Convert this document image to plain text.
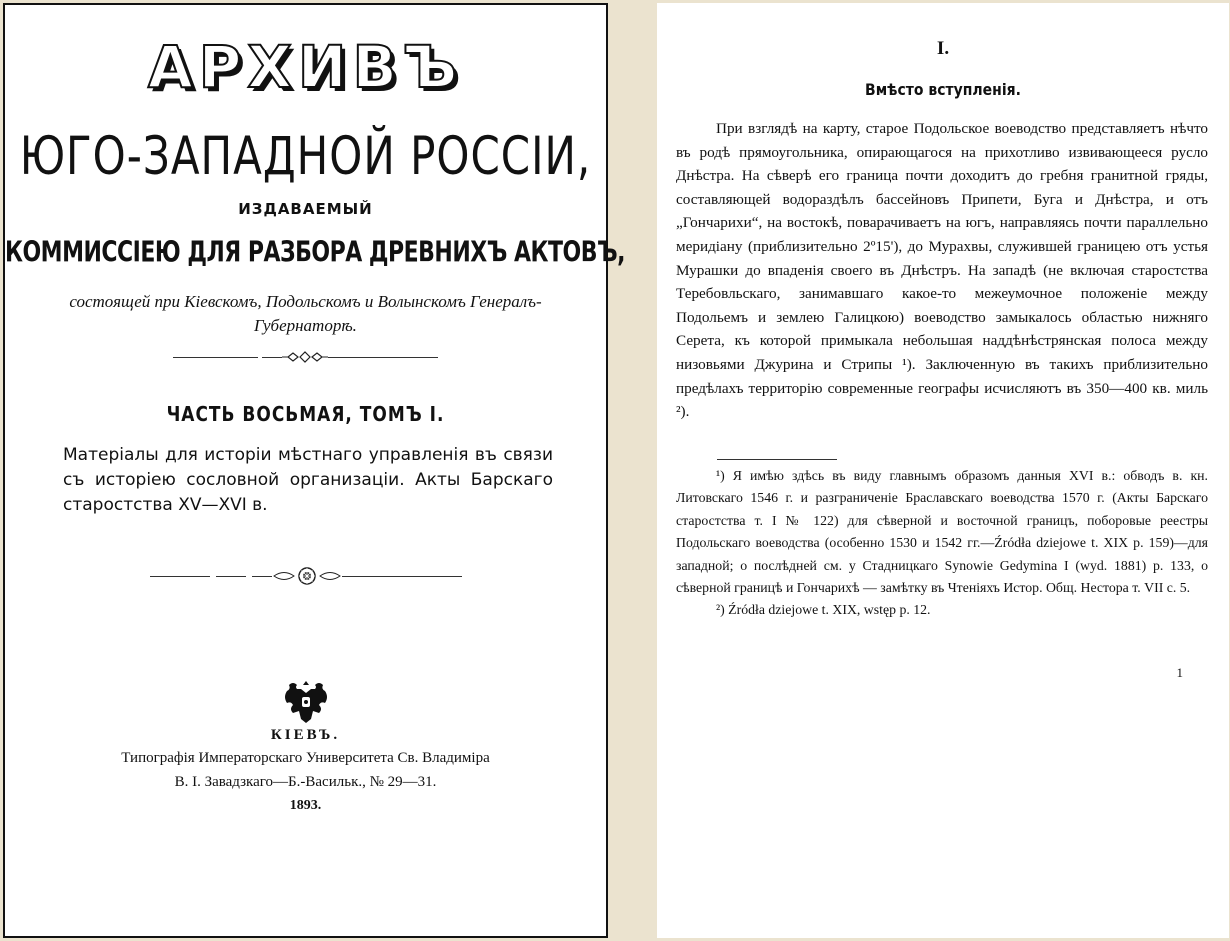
АРХИВЪ
ЮГО-ЗАПАДНОЙ РОССIИ,
ИЗДАВАЕМЫЙ
КОММИССIЕЮ ДЛЯ РАЗБОРА ДРЕВНИХЪ АКТОВЪ,
состоящей при Кiевскомъ, Подольскомъ и Волынскомъ Генералъ-
Губернаторѣ.
ЧАСТЬ ВОСЬМАЯ, ТОМЪ I.
Матерiалы для исторiи мѣстнаго управленiя въ связи съ исторiею сословной организацiи. Акты Барскаго старостства XV—XVI в.
КIЕВЪ.
Типографiя Императорскаго Университета Св. Владимiра
В. I. Завадзкаго—Б.-Васильк., № 29—31.
1893.
I.
Вмѣсто вступленiя.

При взглядѣ на карту, старое Подольское воеводство представляетъ нѣчто въ родѣ прямоугольника, опирающагося на прихотливо извивающееся русло Днѣстра. На сѣверѣ его граница почти доходитъ до гребня гранитной гряды, составляющей водораздѣлъ бассейновъ Припети, Буга и Днѣстра, и отъ „Гончарихи“, на востокѣ, поварачиваетъ на югъ, направляясь почти параллельно меридiану (приблизительно 2º15'), до Мурахвы, служившей границею отъ устья Мурашки до впаденiя своего въ Днѣстръ. На западѣ (не включая старостства Теребовльскаго, занимавшаго какое-то межеумочное положенiе между Подольемъ и землею Галицкою) воеводство замыкалось областью нижняго Серета, къ которой примыкала небольшая наддѣнѣстрянская полоса между низовьями Джурина и Стрипы ¹). Заключенную въ такихъ приблизительно предѣлахъ территорiю современные географы исчисляютъ въ 350—400 кв. миль ²).

¹) Я имѣю здѣсь въ виду главнымъ образомъ данныя XVI в.: обводъ в. кн. Литовскаго 1546 г. и разграниченiе Браславскаго воеводства 1570 г. (Акты Барскаго старостства т. I № 122) для сѣверной и восточной границъ, поборовые реестры Подольскаго воеводства (особенно 1530 и 1542 гг.—Źródła dziejowe t. XIX p. 159)—для западной; о послѣдней см. у Стадницкаго Synowie Gedymina I (wyd. 1881) р. 133, о сѣверной границѣ и Гончарихѣ — замѣтку въ Чтенiяхъ Истор. Общ. Нестора т. VII с. 5.

²) Źródła dziejowe t. XIX, wstęp p. 12.

1
